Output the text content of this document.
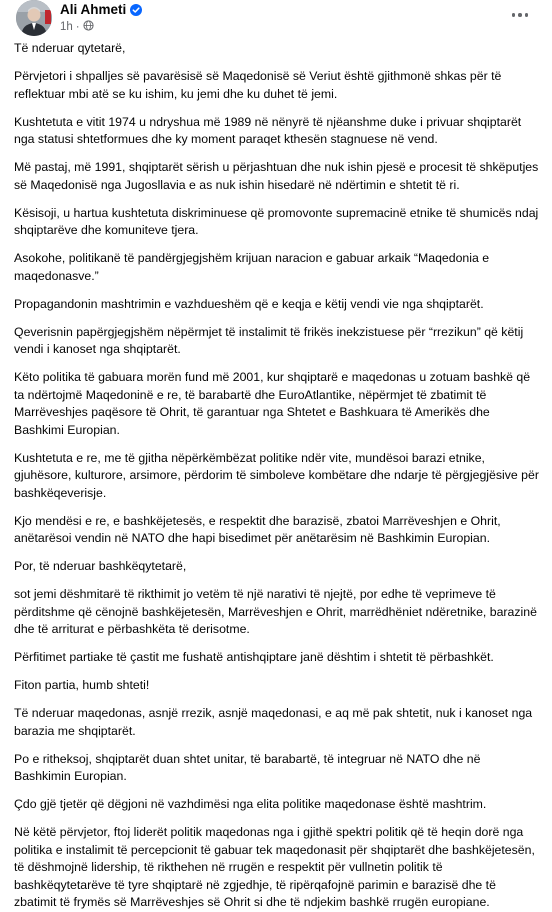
Ali Ahmeti
1h ·

Të nderuar qytetarë,

Përvjetori i shpalljes së pavarësisë së Maqedonisë së Veriut është gjithmonë shkas për të reflektuar mbi atë se ku ishim, ku jemi dhe ku duhet të jemi.

Kushtetuta e vitit 1974 u ndryshua më 1989 në nënyrë të njëanshme duke i privuar shqiptarët nga statusi shtetformues dhe ky moment paraqet kthesën stagnuese në vend.

Më pastaj, më 1991, shqiptarët sërish u përjashtuan dhe nuk ishin pjesë e procesit të shkëputjes së Maqedonisë nga Jugosllavia e as nuk ishin hisedarë në ndërtimin e shtetit të ri.

Kësisoji, u hartua kushtetuta diskriminuese që promovonte supremacinë etnike të shumicës ndaj shqiptarëve dhe komuniteve tjera.

Asokohe, politikanë të pandërgjegjshëm krijuan naracion e gabuar arkaik “Maqedonia e maqedonasve.”

Propagandonin mashtrimin e vazhdueshëm që e keqja e këtij vendi vie nga shqiptarët.

Qeverisnin papërgjegjshëm nëpërmjet të instalimit të frikës inekzistuese për “rrezikun” që këtij vendi i kanoset nga shqiptarët.

Këto politika të gabuara morën fund më 2001, kur shqiptarë e maqedonas u zotuam bashkë që ta ndërtojmë Maqedoninë e re, të barabartë dhe EuroAtlantike, nëpërmjet të zbatimit të Marrëveshjes paqësore të Ohrit, të garantuar nga Shtetet e Bashkuara të Amerikës dhe Bashkimi Europian.

Kushtetuta e re, me të gjitha nëpërkëmbëzat politike ndër vite, mundësoi barazi etnike, gjuhësore, kulturore, arsimore, përdorim të simboleve kombëtare dhe ndarje të përgjegjësive për bashkëqeverisje.

Kjo mendësi e re, e bashkëjetesës, e respektit dhe barazisë, zbatoi Marrëveshjen e Ohrit, anëtarësoi vendin në NATO dhe hapi bisedimet për anëtarësim në Bashkimin Europian.

Por, të nderuar bashkëqytetarë,

sot jemi dëshmitarë të rikthimit jo vetëm të një narativi të njejtë, por edhe të veprimeve të përditshme që cënojnë bashkëjetesën, Marrëveshjen e Ohrit, marrëdhëniet ndëretnike, barazinë dhe të arriturat e përbashkëta të derisotme.

Përfitimet partiake të çastit me fushatë antishqiptare janë dështim i shtetit të përbashkët.

Fiton partia, humb shteti!

Të nderuar maqedonas, asnjë rrezik, asnjë maqedonasi, e aq më pak shtetit, nuk i kanoset nga barazia me shqiptarët.

Po e ritheksoj, shqiptarët duan shtet unitar, të barabartë, të integruar në NATO dhe në Bashkimin Europian.

Çdo gjë tjetër që dëgjoni në vazhdimësi nga elita politike maqedonase është mashtrim.

Në këtë përvjetor, ftoj liderët politik maqedonas nga i gjithë spektri politik që të heqin dorë nga politika e instalimit të percepcionit të gabuar tek maqedonasit për shqiptarët dhe bashkëjetesën, të dëshmojnë lidership, të rikthehen në rrugën e respektit për vullnetin politik të bashkëqytetarëve të tyre shqiptarë në zgjedhje, të ripërqafojnë parimin e barazisë dhe të zbatimit të frymës së Marrëveshjes së Ohrit si dhe të ndjekim bashkë rrugën europiane.
